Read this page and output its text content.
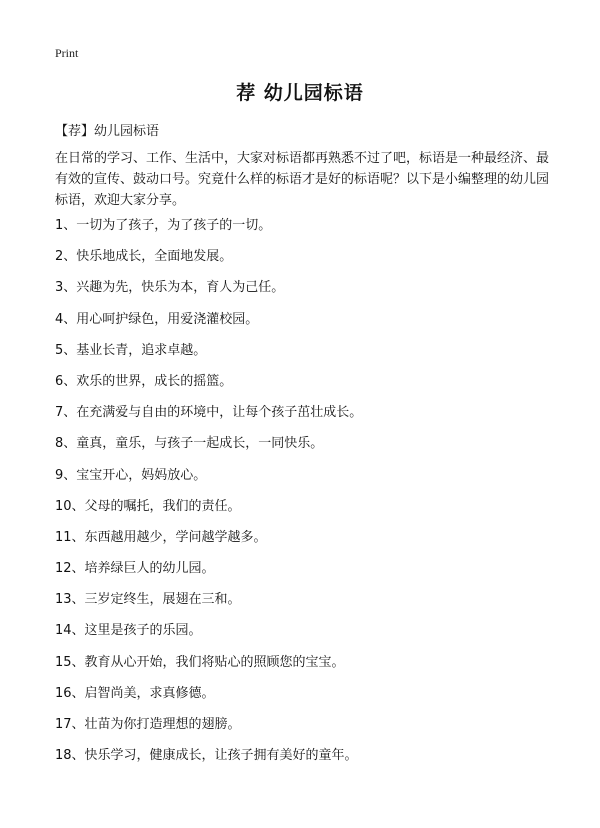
Print
荐 幼儿园标语
【荐】幼儿园标语
在日常的学习、工作、生活中，大家对标语都再熟悉不过了吧，标语是一种最经济、最有效的宣传、鼓动口号。究竟什么样的标语才是好的标语呢？以下是小编整理的幼儿园标语，欢迎大家分享。
1、一切为了孩子，为了孩子的一切。
2、快乐地成长，全面地发展。
3、兴趣为先，快乐为本，育人为己任。
4、用心呵护绿色，用爱浇灌校园。
5、基业长青，追求卓越。
6、欢乐的世界，成长的摇篮。
7、在充满爱与自由的环境中，让每个孩子茁壮成长。
8、童真，童乐，与孩子一起成长，一同快乐。
9、宝宝开心，妈妈放心。
10、父母的嘱托，我们的责任。
11、东西越用越少，学问越学越多。
12、培养绿巨人的幼儿园。
13、三岁定终生，展翅在三和。
14、这里是孩子的乐园。
15、教育从心开始，我们将贴心的照顾您的宝宝。
16、启智尚美，求真修德。
17、壮苗为你打造理想的翅膀。
18、快乐学习，健康成长，让孩子拥有美好的童年。
